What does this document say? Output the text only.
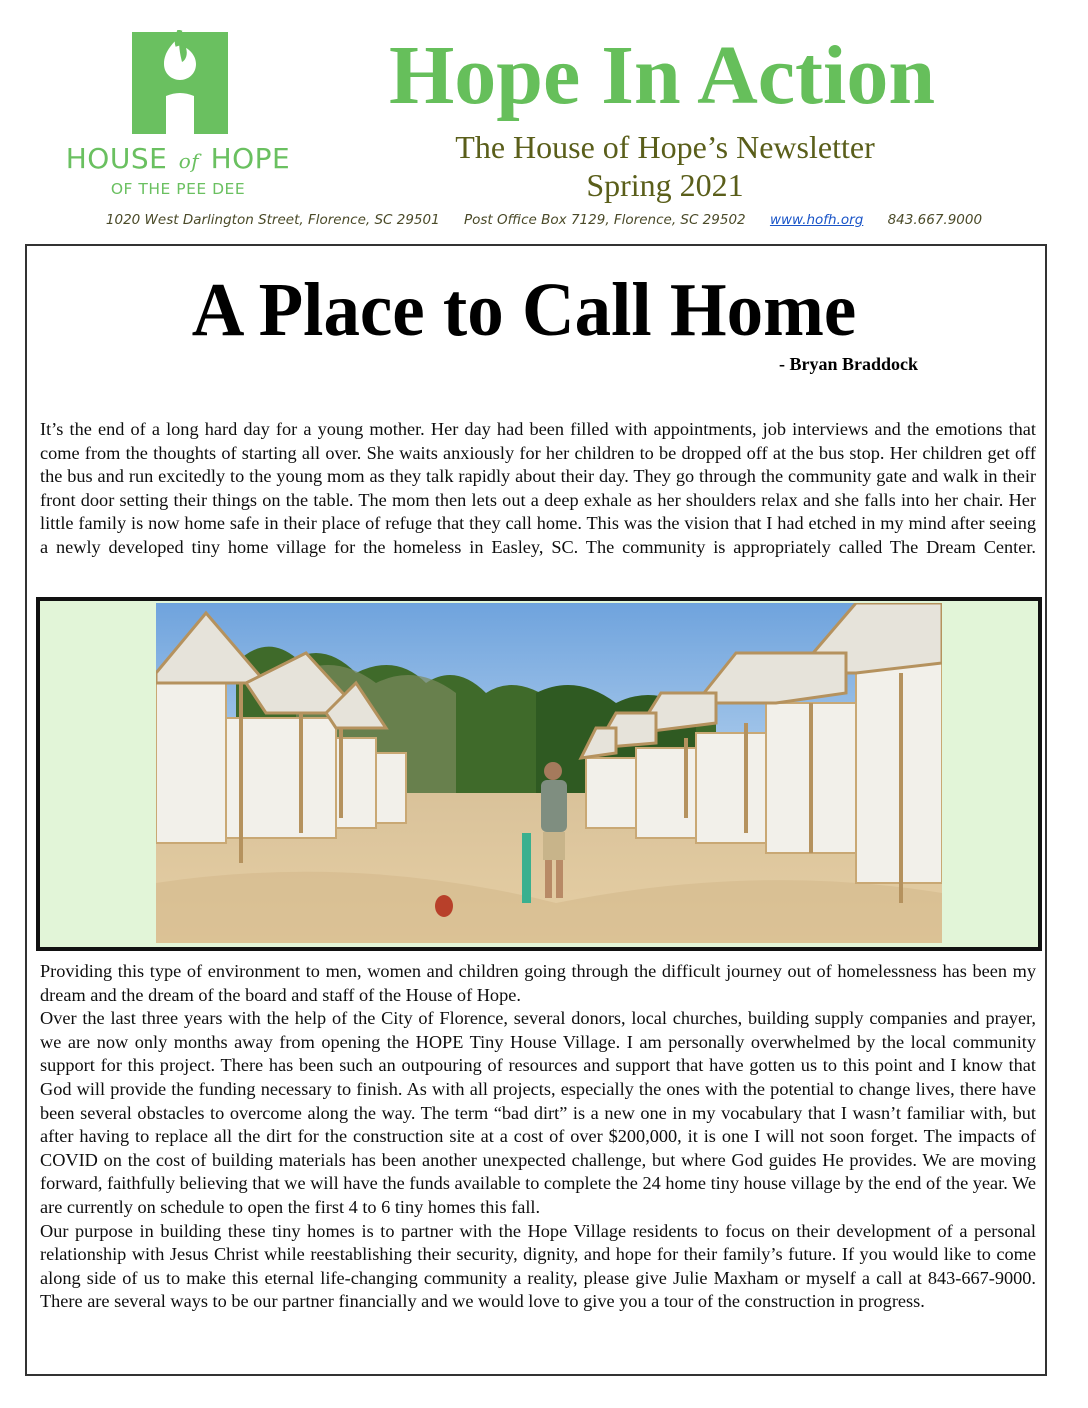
HOUSE of HOPE
OF THE PEE DEE
Hope In Action
The House of Hope’s Newsletter
Spring 2021
1020 West Darlington Street, Florence, SC 29501 Post Office Box 7129, Florence, SC 29502 www.hofh.org 843.667.9000
A Place to Call Home
- Bryan Braddock

It’s the end of a long hard day for a young mother. Her day had been filled with appointments, job interviews and the emotions that come from the thoughts of starting all over. She waits anxiously for her children to be dropped off at the bus stop. Her children get off the bus and run excitedly to the young mom as they talk rapidly about their day. They go through the community gate and walk in their front door setting their things on the table. The mom then lets out a deep exhale as her shoulders relax and she falls into her chair. Her little family is now home safe in their place of refuge that they call home. This was the vision that I had etched in my mind after seeing a newly developed tiny home village for the homeless in Easley, SC. The community is appropriately called The Dream Center.

Providing this type of environment to men, women and children going through the difficult journey out of homelessness has been my dream and the dream of the board and staff of the House of Hope.
Over the last three years with the help of the City of Florence, several donors, local churches, building supply companies and prayer, we are now only months away from opening the HOPE Tiny House Village. I am personally overwhelmed by the local community support for this project. There has been such an outpouring of resources and support that have gotten us to this point and I know that God will provide the funding necessary to finish. As with all projects, especially the ones with the potential to change lives, there have been several obstacles to overcome along the way. The term “bad dirt” is a new one in my vocabulary that I wasn’t familiar with, but after having to replace all the dirt for the construction site at a cost of over $200,000, it is one I will not soon forget. The impacts of COVID on the cost of building materials has been another unexpected challenge, but where God guides He provides. We are moving forward, faithfully believing that we will have the funds available to complete the 24 home tiny house village by the end of the year. We are currently on schedule to open the first 4 to 6 tiny homes this fall.
Our purpose in building these tiny homes is to partner with the Hope Village residents to focus on their development of a personal relationship with Jesus Christ while reestablishing their security, dignity, and hope for their family’s future. If you would like to come along side of us to make this eternal life-changing community a reality, please give Julie Maxham or myself a call at 843-667-9000. There are several ways to be our partner financially and we would love to give you a tour of the construction in progress.
